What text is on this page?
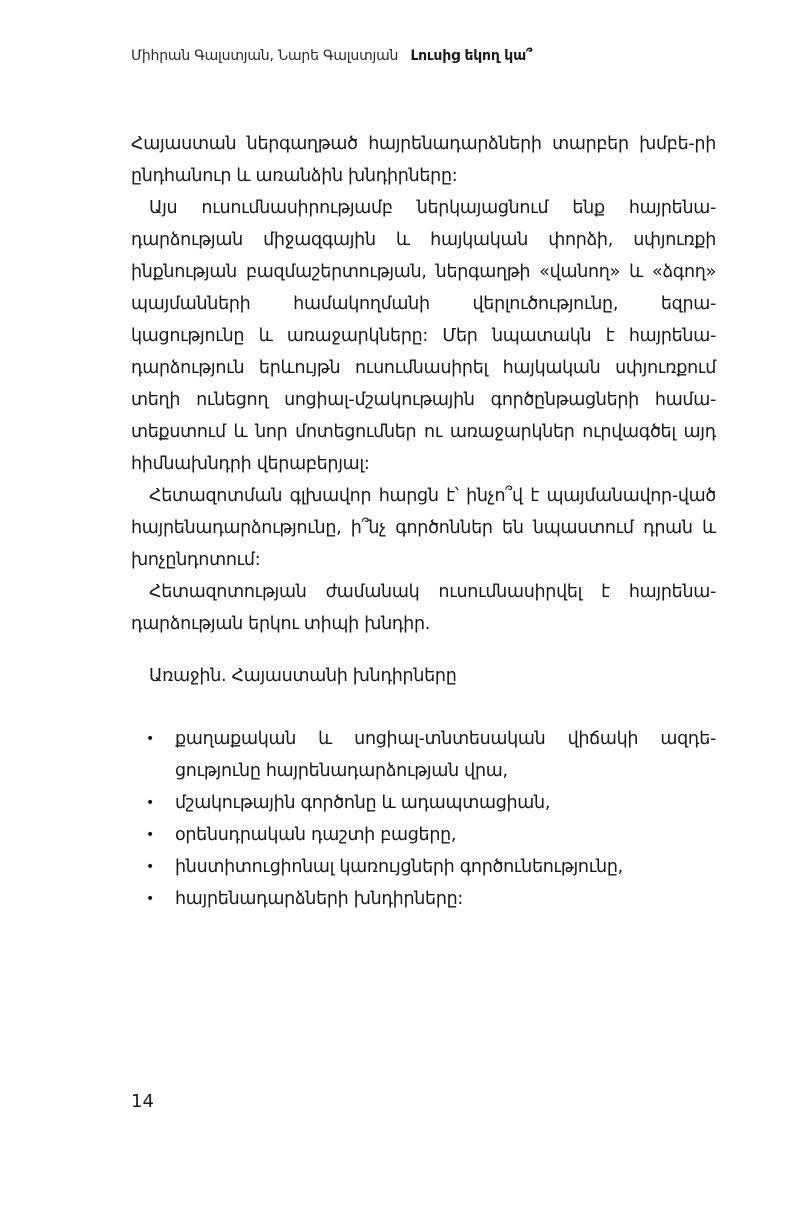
Միհրան Գալստյան, Նարե Գալստյան Լուսից եկող կա՞

Հայաստան ներգաղթած հայրենադարձների տարբեր խմբե-րի ընդհանուր և առանձին խնդիրները:

Այս ուսումնասիրությամբ ներկայացնում ենք հայրենա-դարձության միջազգային և հայկական փորձի, սփյուռքի ինքնության բազմաշերտության, ներգաղթի «վանող» և «ձգող» պայմանների համակողմանի վերլուծությունը, եզրա-կացությունը և առաջարկները: Մեր նպատակն է հայրենա-դարձություն երևույթն ուսումնասիրել հայկական սփյուռքում տեղի ունեցող սոցիալ-մշակութային գործընթացների համա-տեքստում և նոր մոտեցումներ ու առաջարկներ ուրվագծել այդ հիմնախնդրի վերաբերյալ:

Հետազոտման գլխավոր հարցն է՝ ինչո՞վ է պայմանավոր-ված հայրենադարձությունը, ի՞նչ գործոններ են նպաստում դրան և խոչընդոտում:

Հետազոտության ժամանակ ուսումնասիրվել է հայրենա-դարձության երկու տիպի խնդիր.

Առաջին. Հայաստանի խնդիրները
• քաղաքական և սոցիալ-տնտեսական վիճակի ազդե-ցությունը հայրենադարձության վրա,
• մշակութային գործոնը և ադապտացիան,
• օրենսդրական դաշտի բացերը,
• ինստիտուցիոնալ կառույցների գործունեությունը,
• հայրենադարձների խնդիրները:
14
